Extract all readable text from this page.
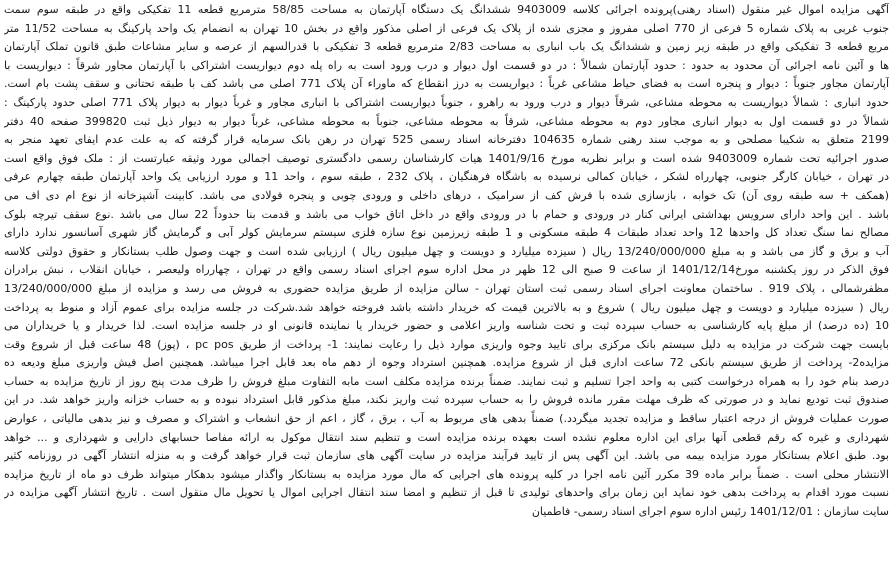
آگهی مزایده اموال غیر منقول (اسناد رهنی)پرونده اجرائی کلاسه 9403009 ششدانگ یک دستگاه آپارتمان به مساحت 58/85 مترمربع قطعه 11 تفکیکی واقع در طبقه سوم سمت
جنوب غربی به پلاک شماره 5 فرعی از 770 اصلی مفروز و مجزی شده از پلاک یک فرعی از اصلی مذکور واقع در بخش 10 تهران به انضمام یک واحد پارکینگ به مساحت 11/52 متر
مربع قطعه 3 تفکیکی واقع در طبقه زیر زمین و ششدانگ یک باب انباری به مساحت 2/83 مترمربع قطعه 3 تفکیکی با قدرالسهم از عرصه و سایر مشاعات طبق قانون تملک آپارتمان
ها و آئین نامه اجرائی آن محدود به حدود : حدود آپارتمان شمالاً : در دو قسمت اول دیوار و درب ورود است به راه پله دوم دیواریست اشتراکی با آپارتمان مجاور شرقاً : دیواریست با
آپارتمان مجاور جنوباً : دیوار و پنجره است به فضای حیاط مشاعی غرباً : دیواریست به درز انقطاع که ماوراء آن پلاک 771 اصلی می باشد کف با طبقه تحتانی و سقف پشت بام است.
حدود انباری : شمالاً دیواریست به محوطه مشاعی، شرقاً دیوار و درب ورود به راهرو ، جنوباً دیواریست اشتراکی با انباری مجاور و غرباً دیوار به دیوار پلاک 771 اصلی حدود پارکینگ :
شمالاً در دو قسمت اول به دیوار انباری مجاور دوم به محوطه مشاعی، شرقاً به محوطه مشاعی، جنوباً به محوطه مشاعی، غرباً دیوار به دیوار ذیل ثبت 399820 صفحه 40 دفتر
2199 متعلق به شکیبا مصلحی و به موجب سند رهنی شماره 104635 دفترخانه اسناد رسمی 525 تهران در رهن بانک سرمایه قرار گرفته که به علت عدم ایفای تعهد منجر به
صدور اجرائیه تحت شماره 9403009 شده است و برابر نظریه مورخ 1401/9/16 هیات کارشناسان رسمی دادگستری توصیف اجمالی مورد وثیقه عبارتست از : ملک فوق واقع است
در تهران ، خیابان کارگر جنوبی، چهارراه لشکر ، خیابان کمالی نرسیده به باشگاه فرهنگیان ، پلاک 232 ، طبقه سوم ، واحد 11 و مورد ارزیابی یک واحد آپارتمان طبقه چهارم عرفی
(همکف + سه طبقه روی آن) تک خوابه ، بازسازی شده با فرش کف از سرامیک ، درهای داخلی و ورودی چوبی و پنجره فولادی می باشد. کابینت آشپزخانه از نوع ام دی اف می
باشد . این واحد دارای سرویس بهداشتی ایرانی کنار در ورودی و حمام با در ورودی واقع در داخل اتاق خواب می باشد و قدمت بنا حدوداً 22 سال می باشد .نوع سقف تیرچه بلوک
مصالح نما سنگ تعداد کل واحدها 12 واحد تعداد طبقات 4 طبقه مسکونی و 1 طبقه زیرزمین نوع سازه فلزی سیستم سرمایش کولر آبی و گرمایش گاز شهری آسانسور ندارد دارای
آب و برق و گاز می باشد و به مبلغ 13/240/000/000 ریال ( سیزده میلیارد و دویست و چهل میلیون ریال ) ارزیابی شده است و جهت وصول طلب بستانکار و حقوق دولتی کلاسه
فوق الذکر در روز یکشنبه مورخ1401/12/14 از ساعت 9 صبح الی 12 ظهر در محل اداره سوم اجرای اسناد رسمی واقع در تهران ، چهارراه ولیعصر ، خیابان انقلاب ، نبش برادران
مظفرشمالی ، پلاک 919 . ساختمان معاونت اجرای اسناد رسمی ثبت استان تهران - سالن مزایده از طریق مزایده حضوری به فروش می رسد و مزایده از مبلغ 13/240/000/000
ریال ( سیزده میلیارد و دویست و چهل میلیون ریال ) شروع و به بالاترین قیمت که خریدار داشته باشد فروخته خواهد شد.شرکت در جلسه مزایده برای عموم آزاد و منوط به پرداخت
10 (ده درصد) از مبلغ پایه کارشناسی به حساب سپرده ثبت و تحت شناسه واریز اعلامی و حضور خریدار یا نماینده قانونی او در جلسه مزایده است. لذا خریدار و یا خریداران می
بایست جهت شرکت در مزایده به دلیل سیستم بانک مرکزی برای تایید وجوه واریزی موارد ذیل را رعایت نمایند: 1- پرداخت از طریق pc pos ، (پوز) 48 ساعت قبل از شروع وقت
مزایده2- پرداخت از طریق سیستم بانکی 72 ساعت اداری قبل از شروع مزایده. همچنین استرداد وجوه از دهم ماه بعد قابل اجرا میباشد. همچنین اصل فیش واریزی مبلغ ودیعه ده
درصد بنام خود را به همراه درخواست کتبی به واحد اجرا تسلیم و ثبت نمایند. ضمناً برنده مزایده مکلف است مابه التفاوت مبلغ فروش را ظرف مدت پنج روز از تاریخ مزایده به حساب
صندوق ثبت تودیع نماید و در صورتی که ظرف مهلت مقرر مانده فروش را به حساب سپرده ثبت واریز نکند، مبلغ مذکور قابل استرداد نبوده و به حساب خزانه واریز خواهد شد. در این
صورت عملیات فروش از درجه اعتبار ساقط و مزایده تجدید میگردد.) ضمناً بدهی های مربوط به آب ، برق ، گاز ، اعم از حق انشعاب و اشتراک و مصرف و نیز بدهی مالیاتی ، عوارض
شهرداری و غیره که رقم قطعی آنها برای این اداره معلوم نشده است بعهده برنده مزایده است و تنظیم سند انتقال موکول به ارائه مفاصا حسابهای دارایی و شهرداری و ... خواهد
بود. طبق اعلام بستانکار مورد مزایده بیمه می باشد. این آگهی پس از تایید فرآیند مزایده در سایت آگهی های سازمان ثبت قرار خواهد گرفت و به منزله انتشار آگهی در روزنامه کثیر
الانتشار محلی است . ضمناً برابر ماده 39 مکرر آئین نامه اجرا در کلیه پرونده های اجرایی که مال مورد مزایده به بستانکار واگذار میشود بدهکار میتواند ظرف دو ماه از تاریخ مزایده
نسبت مورد اقدام به پرداخت بدهی خود نماید این زمان برای واحدهای تولیدی تا قبل از تنظیم و امضا سند انتقال اجرایی اموال یا تحویل مال منقول است . تاریخ انتشار آگهی مزایده در
سایت سازمان : 1401/12/01 رئیس اداره سوم اجرای اسناد رسمی- فاطمیان
